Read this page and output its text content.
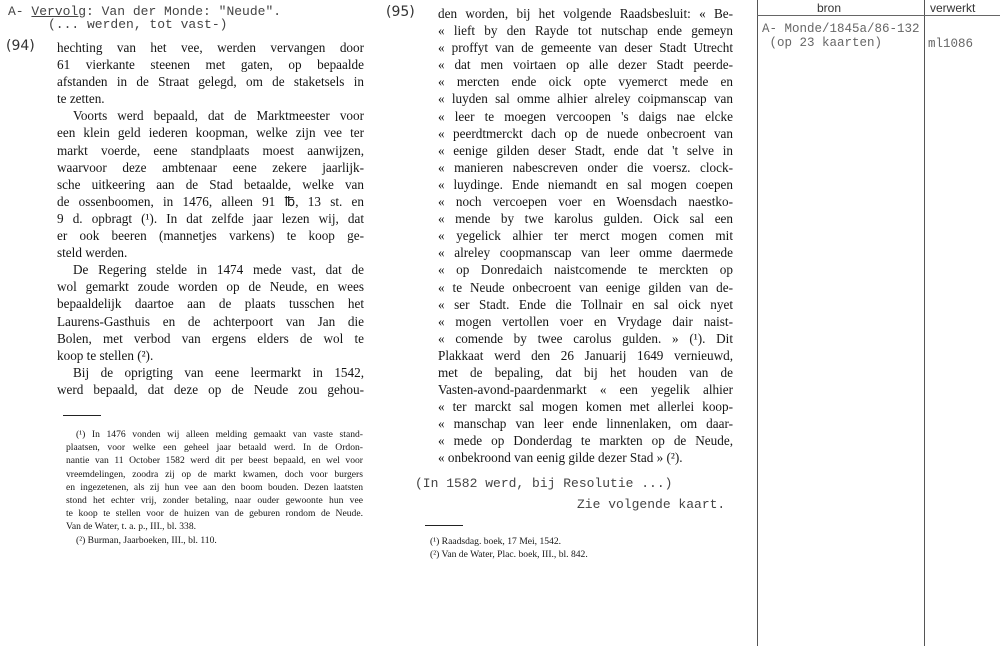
A- Vervolg: Van der Monde: "Neude".
(... werden, tot vast-)
(94)
(95)
hechting van het vee, werden vervangen door
61 vierkante steenen met gaten, op bepaalde
afstanden in de Straat gelegd, om de staketsels in
te zetten.
Voorts werd bepaald, dat de Marktmeester voor
een klein geld iederen koopman, welke zijn vee ter
markt voerde, eene standplaats moest aanwijzen,
waarvoor deze ambtenaar eene zekere jaarlijk-
sche uitkeering aan de Stad betaalde, welke van
de ossenboomen, in 1476, alleen 91 ℔, 13 st. en
9 d. opbragt (¹). In dat zelfde jaar lezen wij, dat
er ook beeren (mannetjes varkens) te koop ge-
steld werden.
De Regering stelde in 1474 mede vast, dat de
wol gemarkt zoude worden op de Neude, en wees
bepaaldelijk daartoe aan de plaats tusschen het
Laurens-Gasthuis en de achterpoort van Jan die
Bolen, met verbod van ergens elders de wol te
koop te stellen (²).
Bij de oprigting van eene leermarkt in 1542,
werd bepaald, dat deze op de Neude zou gehou-
(¹) In 1476 vonden wij alleen melding gemaakt van vaste stand-
plaatsen, voor welke een geheel jaar betaald werd. In de Ordon-
nantie van 11 October 1582 werd dit per beest bepaald, en wel voor
vreemdelingen, zoodra zij op de markt kwamen, doch voor burgers
en ingezetenen, als zij hun vee aan den boom bouden. Dezen laatsten
stond het echter vrij, zonder betaling, naar ouder gewoonte hun vee
te koop te stellen voor de huizen van de geburen rondom de Neude.
Van de Water, t. a. p., III., bl. 338.
(²) Burman, Jaarboeken, III., bl. 110.
den worden, bij het volgende Raadsbesluit: « Be-
« lieft by den Rayde tot nutschap ende gemeyn
« proffyt van de gemeente van deser Stadt Utrecht
« dat men voirtaen op alle dezer Stadt peerde-
« mercten ende oick opte vyemerct mede en
« luyden sal omme alhier alreley coipmanscap van
« leer te moegen vercoopen 's daigs nae elcke
« peerdtmerckt dach op de nuede onbecroent van
« eenige gilden deser Stadt, ende dat 't selve in
« manieren nabescreven onder die voersz. clock-
« luydinge. Ende niemandt en sal mogen coepen
« noch vercoepen voer en Woensdach naestko-
« mende by twe karolus gulden. Oick sal een
« yegelick alhier ter merct mogen comen mit
« alreley coopmanscap van leer omme daermede
« op Donredaich naistcomende te merckten op
« te Neude onbecroent van eenige gilden van de-
« ser Stadt. Ende die Tollnair en sal oick nyet
« mogen vertollen voer en Vrydage dair naist-
« comende by twee carolus gulden. » (¹). Dit
Plakkaat werd den 26 Januarij 1649 vernieuwd,
met de bepaling, dat bij het houden van de
Vasten-avond-paardenmarkt « een yegelik alhier
« ter marckt sal mogen komen met allerlei koop-
« manschap van leer ende linnenlaken, om daar-
« mede op Donderdag te markten op de Neude,
« onbekroond van eenig gilde dezer Stad » (²).
(In 1582 werd, bij Resolutie ...)
Zie volgende kaart.
(¹) Raadsdag. boek, 17 Mei, 1542.
(²) Van de Water, Plac. boek, III., bl. 842.
bron	verwerkt
A- Monde/1845a/86-132
(op 23 kaarten)	ml1086
